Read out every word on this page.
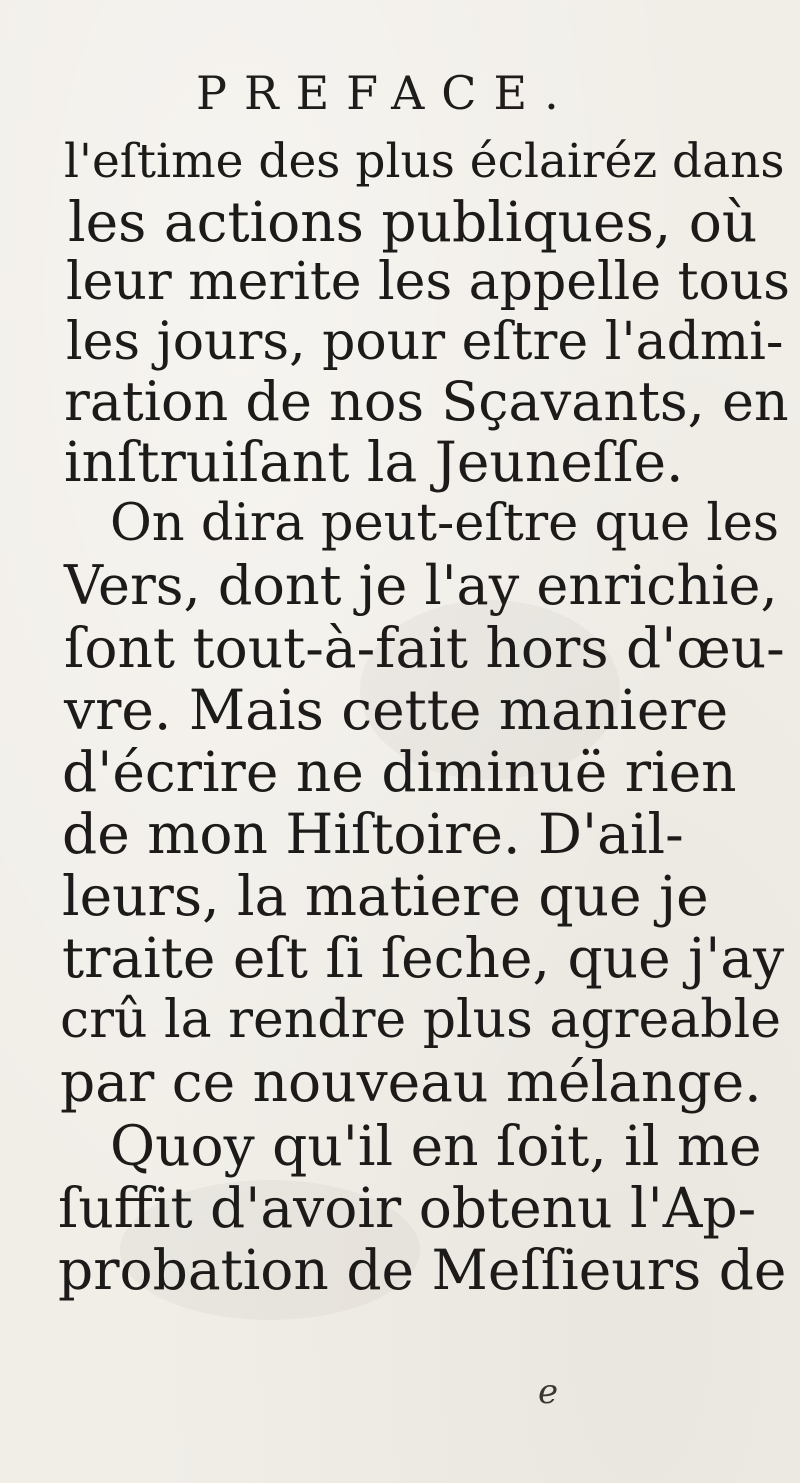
PREFACE.
l'eſtime des plus éclairéz dans
les actions publiques, où
leur merite les appelle tous
les jours, pour eſtre l'admi-
ration de nos Sçavants, en
inſtruiſant la Jeuneſſe.
On dira peut-eſtre que les
Vers, dont je l'ay enrichie,
ſont tout-à-fait hors d'œu-
vre. Mais cette maniere
d'écrire ne diminuë rien
de mon Hiſtoire. D'ail-
leurs, la matiere que je
traite eſt ſi ſeche, que j'ay
crû la rendre plus agreable
par ce nouveau mélange.
Quoy qu'il en ſoit, il me
ſuffit d'avoir obtenu l'Ap-
probation de Meſſieurs de
e
